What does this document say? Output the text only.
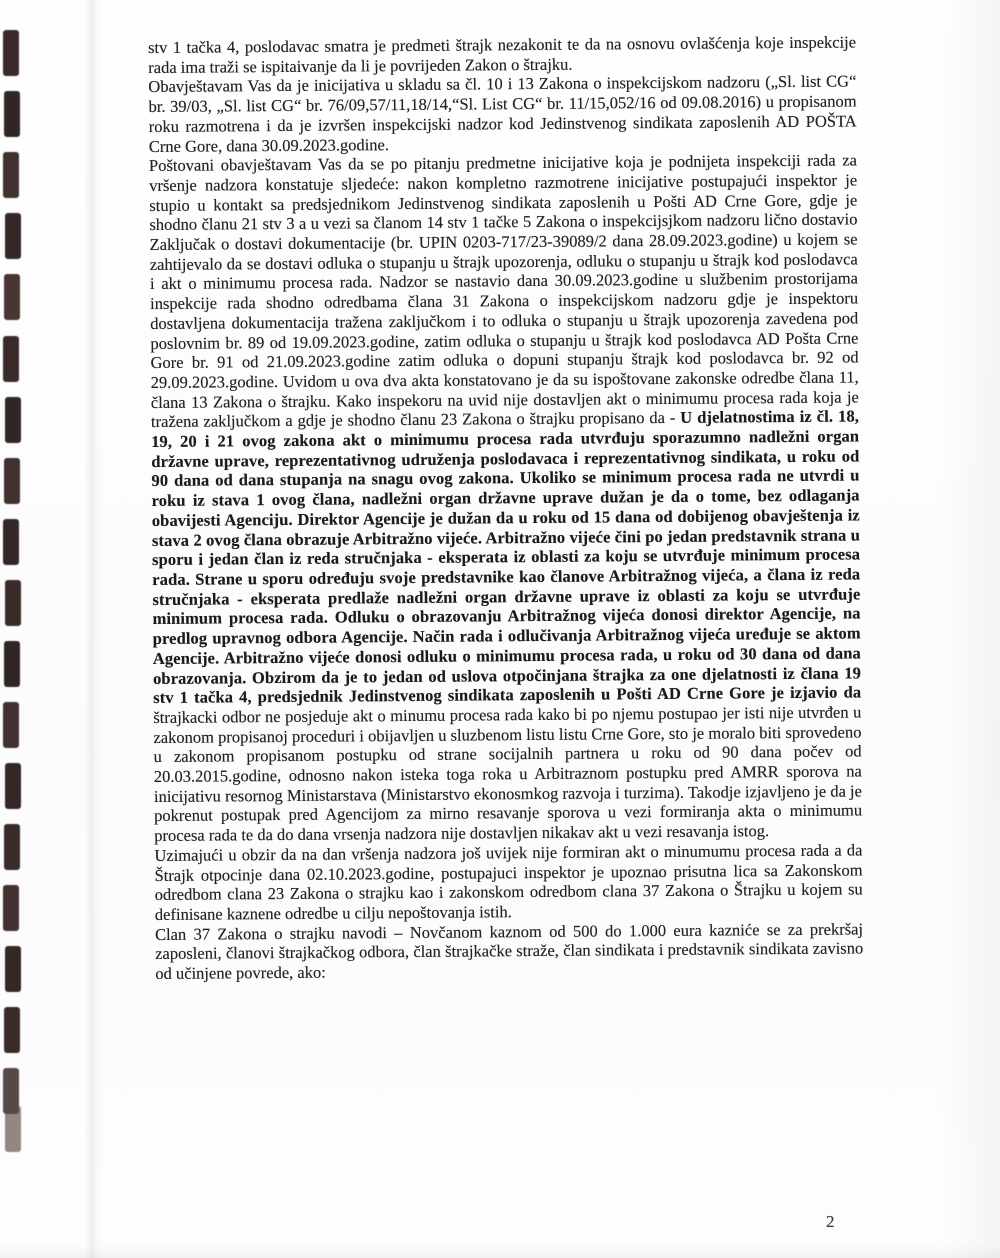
stv 1 tačka 4, poslodavac smatra je predmeti štrajk nezakonit te da na osnovu ovlašćenja koje inspekcije rada ima traži se ispitaivanje da li je povrijeden Zakon o štrajku.

Obavještavam Vas da je inicijativa u skladu sa čl. 10 i 13 Zakona o inspekcijskom nadzoru („Sl. list CG“ br. 39/03, „Sl. list CG“ br. 76/09,57/11,18/14,“Sl. List CG“ br. 11/15,052/16 od 09.08.2016) u propisanom roku razmotrena i da je izvršen inspekcijski nadzor kod Jedinstvenog sindikata zaposlenih AD POŠTA Crne Gore, dana 30.09.2023.godine.

Poštovani obavještavam Vas da se po pitanju predmetne inicijative koja je podnijeta inspekciji rada za vršenje nadzora konstatuje sljedeće: nakon kompletno razmotrene inicijative postupajući inspektor je stupio u kontakt sa predsjednikom Jedinstvenog sindikata zaposlenih u Pošti AD Crne Gore, gdje je shodno članu 21 stv 3 a u vezi sa članom 14 stv 1 tačke 5 Zakona o inspekcijsjkom nadzoru lično dostavio Zaključak o dostavi dokumentacije (br. UPIN 0203-717/23-39089/2 dana 28.09.2023.godine) u kojem se zahtijevalo da se dostavi odluka o stupanju u štrajk upozorenja, odluku o stupanju u štrajk kod poslodavca i akt o minimumu procesa rada. Nadzor se nastavio dana 30.09.2023.godine u službenim prostorijama inspekcije rada shodno odredbama člana 31 Zakona o inspekcijskom nadzoru gdje je inspektoru dostavljena dokumentacija tražena zaključkom i to odluka o stupanju u štrajk upozorenja zavedena pod poslovnim br. 89 od 19.09.2023.godine, zatim odluka o stupanju u štrajk kod poslodavca AD Pošta Crne Gore br. 91 od 21.09.2023.godine zatim odluka o dopuni stupanju štrajk kod poslodavca br. 92 od 29.09.2023.godine. Uvidom u ova dva akta konstatovano je da su ispoštovane zakonske odredbe člana 11, člana 13 Zakona o štrajku. Kako inspekoru na uvid nije dostavljen akt o minimumu procesa rada koja je tražena zaključkom a gdje je shodno članu 23 Zakona o štrajku propisano da - U djelatnostima iz čl. 18, 19, 20 i 21 ovog zakona akt o minimumu procesa rada utvrđuju sporazumno nadležni organ državne uprave, reprezentativnog udruženja poslodavaca i reprezentativnog sindikata, u roku od 90 dana od dana stupanja na snagu ovog zakona. Ukoliko se minimum procesa rada ne utvrdi u roku iz stava 1 ovog člana, nadležni organ državne uprave dužan je da o tome, bez odlaganja obavijesti Agenciju. Direktor Agencije je dužan da u roku od 15 dana od dobijenog obavještenja iz stava 2 ovog člana obrazuje Arbitražno vijeće. Arbitražno vijeće čini po jedan predstavnik strana u sporu i jedan član iz reda stručnjaka - eksperata iz oblasti za koju se utvrđuje minimum procesa rada. Strane u sporu određuju svoje predstavnike kao članove Arbitražnog vijeća, a člana iz reda stručnjaka - eksperata predlaže nadležni organ državne uprave iz oblasti za koju se utvrđuje minimum procesa rada. Odluku o obrazovanju Arbitražnog vijeća donosi direktor Agencije, na predlog upravnog odbora Agencije. Način rada i odlučivanja Arbitražnog vijeća uređuje se aktom Agencije. Arbitražno vijeće donosi odluku o minimumu procesa rada, u roku od 30 dana od dana obrazovanja. Obzirom da je to jedan od uslova otpočinjana štrajka za one djelatnosti iz člana 19 stv 1 tačka 4, predsjednik Jedinstvenog sindikata zaposlenih u Pošti AD Crne Gore je izjavio da štrajkacki odbor ne posjeduje akt o minumu procesa rada kako bi po njemu postupao jer isti nije utvrđen u zakonom propisanoj proceduri i obijavljen u sluzbenom listu listu Crne Gore, sto je moralo biti sprovedeno u zakonom propisanom postupku od strane socijalnih partnera u roku od 90 dana počev od 20.03.2015.godine, odnosno nakon isteka toga roka u Arbitraznom postupku pred AMRR sporova na inicijativu resornog Ministarstava (Ministarstvo ekonosmkog razvoja i turzima). Takodje izjavljeno je da je pokrenut postupak pred Agencijom za mirno resavanje sporova u vezi formiranja akta o minimumu procesa rada te da do dana vrsenja nadzora nije dostavljen nikakav akt u vezi resavanja istog.

Uzimajući u obzir da na dan vršenja nadzora još uvijek nije formiran akt o minumumu procesa rada a da Štrajk otpocinje dana 02.10.2023.godine, postupajuci inspektor je upoznao prisutna lica sa Zakonskom odredbom clana 23 Zakona o strajku kao i zakonskom odredbom clana 37 Zakona o Štrajku u kojem su definisane kaznene odredbe u cilju nepoštovanja istih.

Clan 37 Zakona o strajku navodi – Novčanom kaznom od 500 do 1.000 eura kazniće se za prekršaj zaposleni, članovi štrajkačkog odbora, član štrajkačke straže, član sindikata i predstavnik sindikata zavisno od učinjene povrede, ako:

2
